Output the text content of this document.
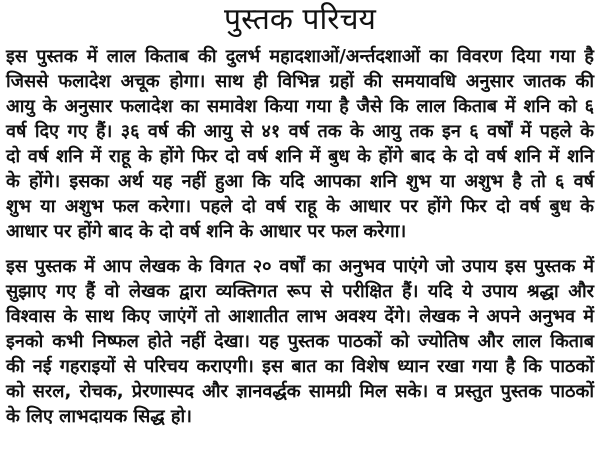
पुस्तक परिचय
इस पुस्तक में लाल किताब की दुलर्भ महादशाओं/अर्न्तदशाओं का विवरण दिया गया है
जिससे फलादेश अचूक होगा। साथ ही विभिन्न ग्रहों की समयावधि अनुसार जातक की
आयु के अनुसार फलादेश का समावेश किया गया है जैसे कि लाल किताब में शनि को ६
वर्ष दिए गए हैं। ३६ वर्ष की आयु से ४१ वर्ष तक के आयु तक इन ६ वर्षों में पहले के
दो वर्ष शनि में राहू के होंगे फिर दो वर्ष शनि में बुध के होंगे बाद के दो वर्ष शनि में शनि
के होंगे। इसका अर्थ यह नहीं हुआ कि यदि आपका शनि शुभ या अशुभ है तो ६ वर्ष
शुभ या अशुभ फल करेगा। पहले दो वर्ष राहू के आधार पर होंगे फिर दो वर्ष बुध के
आधार पर होंगे बाद के दो वर्ष शनि के आधार पर फल करेगा।
इस पुस्तक में आप लेखक के विगत २० वर्षों का अनुभव पाएंगे जो उपाय इस पुस्तक में
सुझाए गए हैं वो लेखक द्वारा व्यक्तिगत रूप से परीक्षित हैं। यदि ये उपाय श्रद्धा और
विश्वास के साथ किए जाएंगें तो आशातीत लाभ अवश्य देंगे। लेखक ने अपने अनुभव में
इनको कभी निष्फल होते नहीं देखा। यह पुस्तक पाठकों को ज्योतिष और लाल किताब
की नई गहराइयों से परिचय कराएगी। इस बात का विशेष ध्यान रखा गया है कि पाठकों
को सरल, रोचक, प्रेरणास्पद और ज्ञानवर्द्धक सामग्री मिल सके। व प्रस्तुत पुस्तक पाठकों
के लिए लाभदायक सिद्ध हो।
